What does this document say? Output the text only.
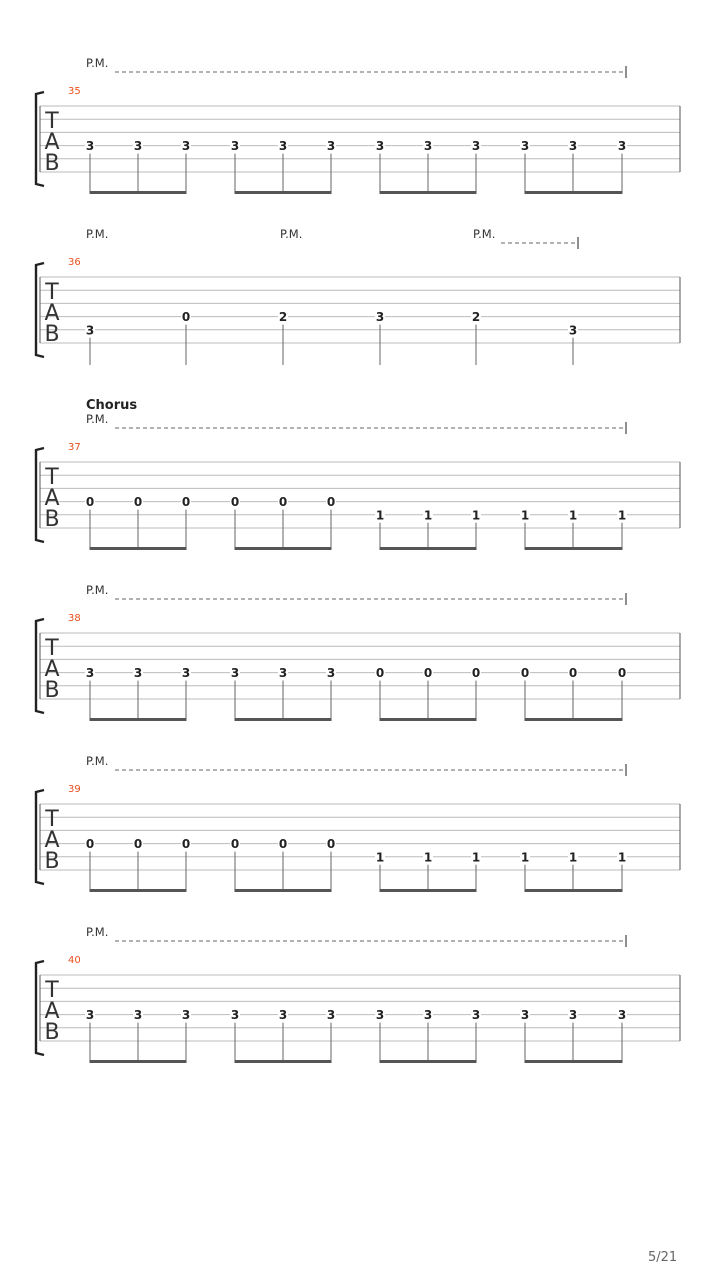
T
A
B
35
P.M.
3	3	3	3	3	3	3	3	3	3	3	3
T
A
B
36
P.M.	P.M.	P.M.
3
0	2	3	2
3
T
A
B
37
Chorus
P.M.
0	0	0	0	0	0
1	1	1	1	1	1
T
A
B
38
P.M.
3	3	3	3	3	3	0	0	0	0	0	0
T
A
B
39
P.M.
0	0	0	0	0	0
1	1	1	1	1	1
T
A
B
40
P.M.
3	3	3	3	3	3	3	3	3	3	3	3
5/21
